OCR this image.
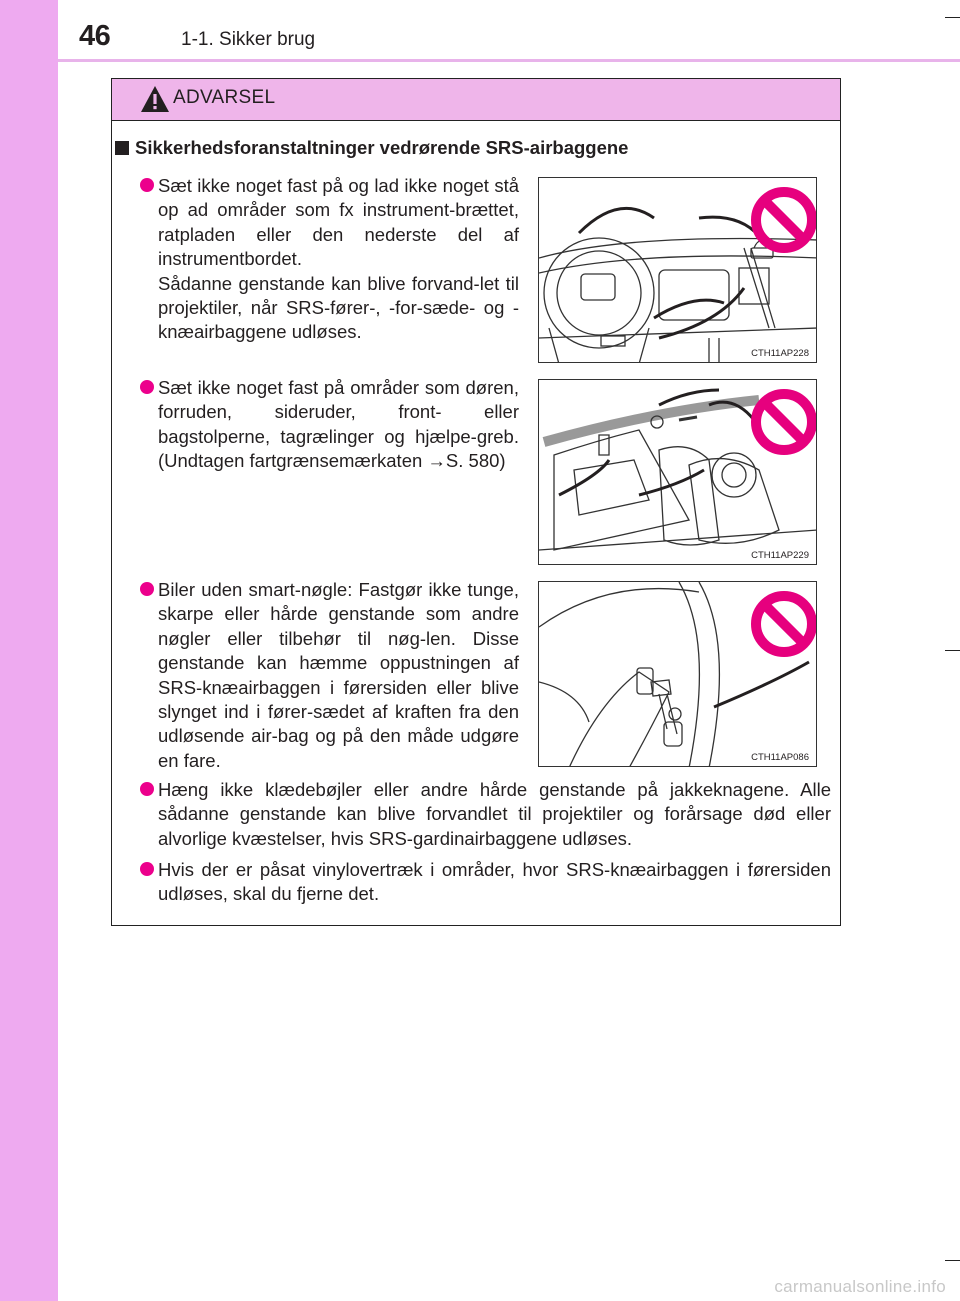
46	1-1. Sikker brug
ADVARSEL
Sikkerhedsforanstaltninger vedrørende SRS-airbaggene
Sæt ikke noget fast på og lad ikke noget stå op ad områder som fx instrument-brættet, ratpladen eller den nederste del af instrumentbordet.
Sådanne genstande kan blive forvand-let til projektiler, når SRS-fører-, -for-sæde- og -knæairbaggene udløses.
Sæt ikke noget fast på områder som døren, forruden, sideruder, front- eller bagstolperne, tagrælinger og hjælpe-greb. (Undtagen fartgrænsemærkaten →S. 580)
Biler uden smart-nøgle: Fastgør ikke tunge, skarpe eller hårde genstande som andre nøgler eller tilbehør til nøg-len. Disse genstande kan hæmme oppustningen af SRS-knæairbaggen i førersiden eller blive slynget ind i fører-sædet af kraften fra den udløsende air-bag og på den måde udgøre en fare.
Hæng ikke klædebøjler eller andre hårde genstande på jakkeknagene. Alle sådanne genstande kan blive forvandlet til projektiler og forårsage død eller alvorlige kvæstelser, hvis SRS-gardinairbaggene udløses.
Hvis der er påsat vinylovertræk i områder, hvor SRS-knæairbaggen i førersiden udløses, skal du fjerne det.
CTH11AP228
CTH11AP229
CTH11AP086
carmanualsonline.info
